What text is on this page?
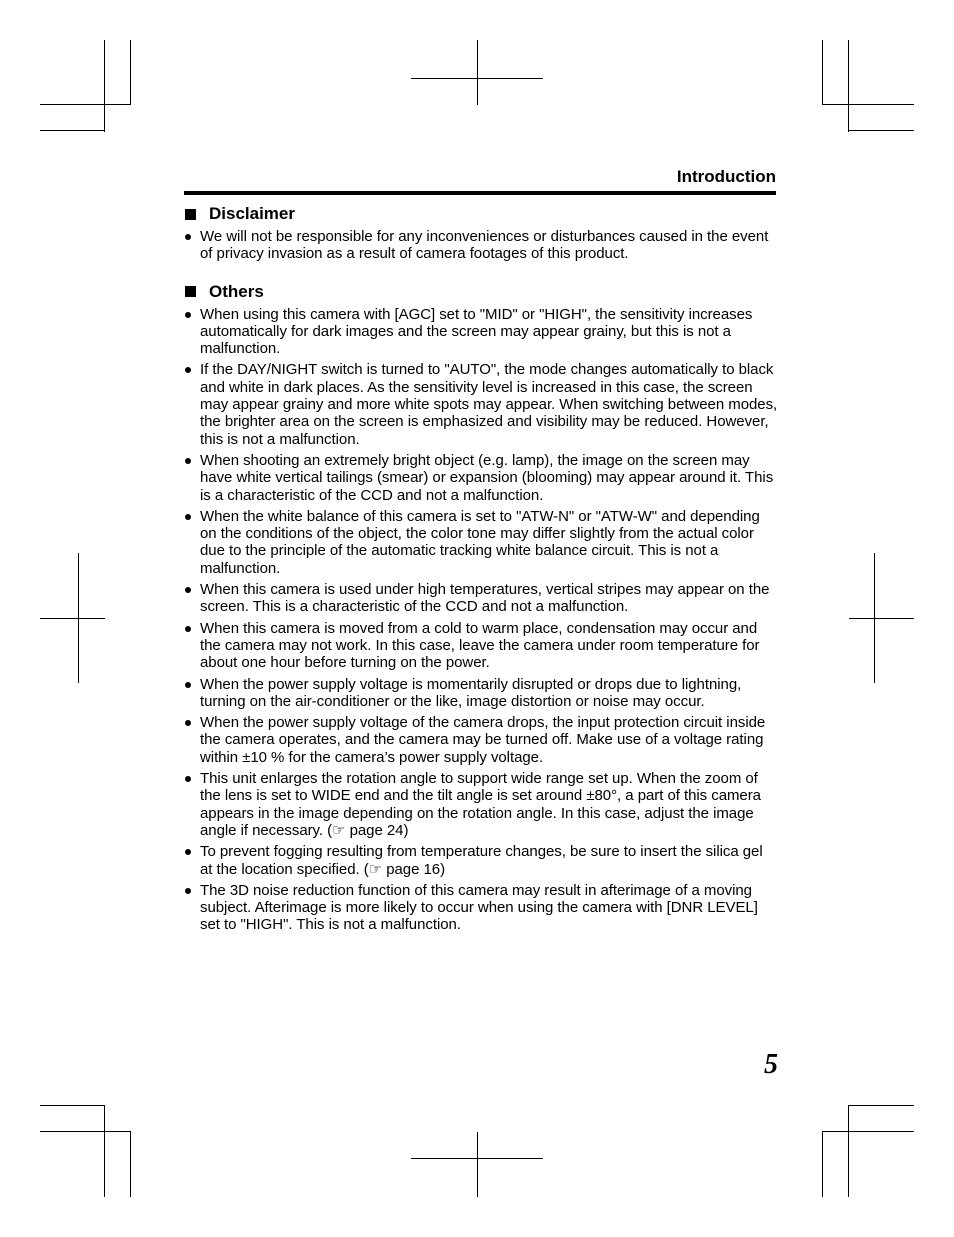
Introduction
Disclaimer
We will not be responsible for any inconveniences or disturbances caused in the event of privacy invasion as a result of camera footages of this product.
Others
When using this camera with [AGC] set to "MID" or "HIGH", the sensitivity increases automatically for dark images and the screen may appear grainy, but this is not a malfunction.
If the DAY/NIGHT switch is turned to "AUTO", the mode changes automatically to black and white in dark places. As the sensitivity level is increased in this case, the screen may appear grainy and more white spots may appear. When switching between modes, the brighter area on the screen is emphasized and visibility may be reduced. However, this is not a malfunction.
When shooting an extremely bright object (e.g. lamp), the image on the screen may have white vertical tailings (smear) or expansion (blooming) may appear around it. This is a characteristic of the CCD and not a malfunction.
When the white balance of this camera is set to "ATW-N" or "ATW-W" and depending on the conditions of the object, the color tone may differ slightly from the actual color due to the principle of the automatic tracking white balance circuit. This is not a malfunction.
When this camera is used under high temperatures, vertical stripes may appear on the screen. This is a characteristic of the CCD and not a malfunction.
When this camera is moved from a cold to warm place, condensation may occur and the camera may not work. In this case, leave the camera under room temperature for about one hour before turning on the power.
When the power supply voltage is momentarily disrupted or drops due to lightning, turning on the air-conditioner or the like, image distortion or noise may occur.
When the power supply voltage of the camera drops, the input protection circuit inside the camera operates, and the camera may be turned off. Make use of a voltage rating within ±10 % for the camera’s power supply voltage.
This unit enlarges the rotation angle to support wide range set up. When the zoom of the lens is set to WIDE end and the tilt angle is set around ±80°, a part of this camera appears in the image depending on the rotation angle. In this case, adjust the image angle if necessary. (☞ page 24)
To prevent fogging resulting from temperature changes, be sure to insert the silica gel at the location specified. (☞ page 16)
The 3D noise reduction function of this camera may result in afterimage of a moving subject. Afterimage is more likely to occur when using the camera with [DNR LEVEL] set to "HIGH". This is not a malfunction.
5
